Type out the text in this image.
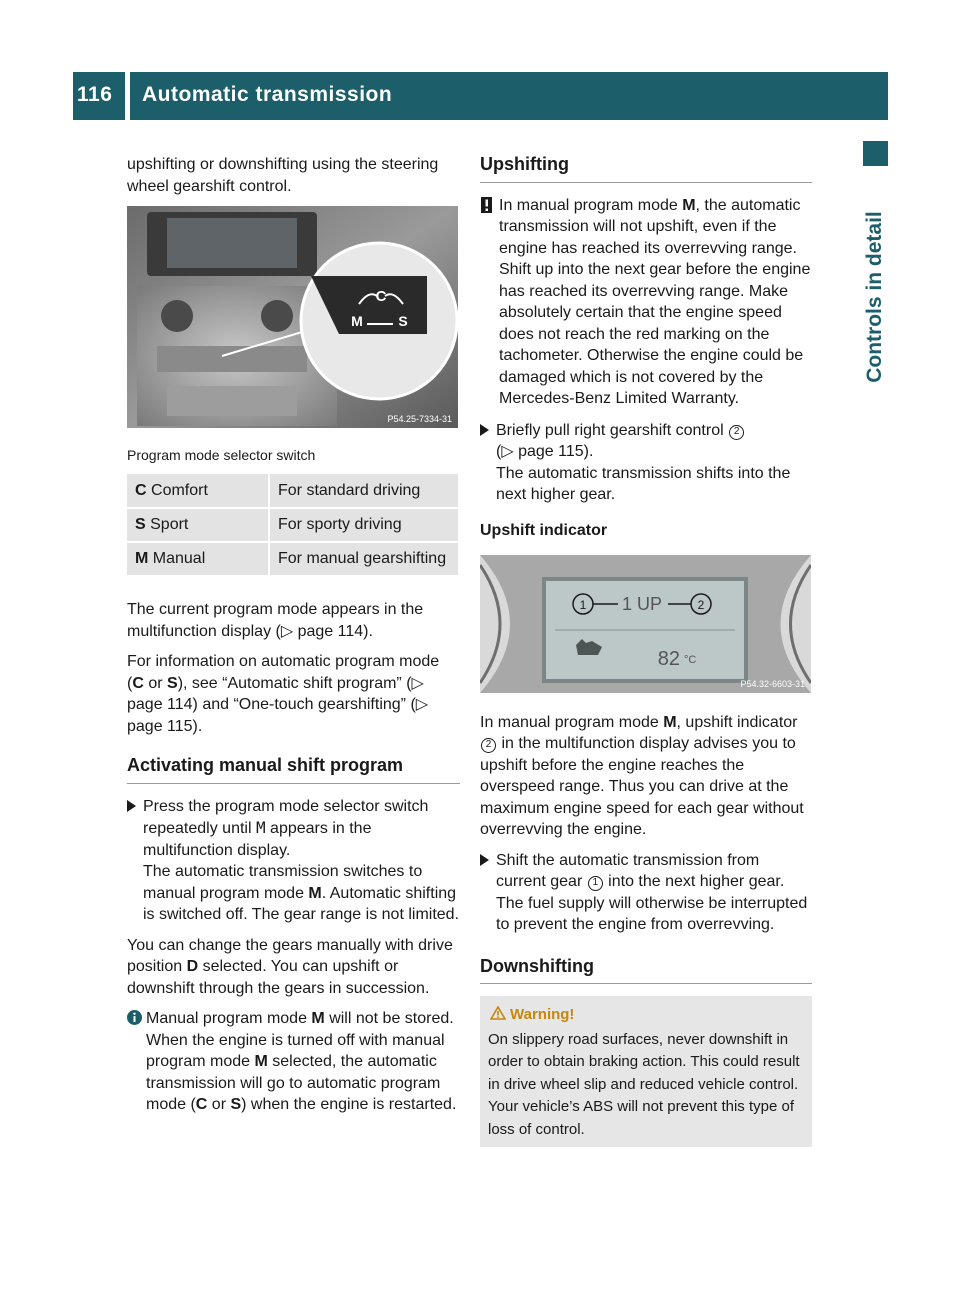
116 Automatic transmission
Controls in detail

upshifting or downshifting using the steering wheel gearshift control.

C
M	S
P54.25-7334-31
Program mode selector switch
C Comfort	For standard driving
S Sport	For sporty driving
M Manual	For manual gearshifting

The current program mode appears in the multifunction display (▷ page 114).

For information on automatic program mode (C or S), see “Automatic shift program” (▷ page 114) and “One-touch gearshifting” (▷ page 115).

Activating manual shift program
Press the program mode selector switch repeatedly until M appears in the multifunction display.
The automatic transmission switches to manual program mode M. Automatic shifting is switched off. The gear range is not limited.

You can change the gears manually with drive position D selected. You can upshift or downshift through the gears in succession.

Manual program mode M will not be stored. When the engine is turned off with manual program mode M selected, the automatic transmission will go to automatic program mode (C or S) when the engine is restarted.
Upshifting
In manual program mode M, the automatic transmission will not upshift, even if the engine has reached its overrevving range. Shift up into the next gear before the engine has reached its overrevving range. Make absolutely certain that the engine speed does not reach the red marking on the tachometer. Otherwise the engine could be damaged which is not covered by the Mercedes-Benz Limited Warranty.
Briefly pull right gearshift control 2
(▷ page 115).
The automatic transmission shifts into the next higher gear.
Upshift indicator
1 1 UP	2
82 °C
P54.32-6603-31

In manual program mode M, upshift indicator 2 in the multifunction display advises you to upshift before the engine reaches the overspeed range. Thus you can drive at the maximum engine speed for each gear without overrevving the engine.

Shift the automatic transmission from current gear 1 into the next higher gear.
The fuel supply will otherwise be interrupted to prevent the engine from overrevving.
Downshifting
Warning!
On slippery road surfaces, never downshift in order to obtain braking action. This could result in drive wheel slip and reduced vehicle control. Your vehicle’s ABS will not prevent this type of loss of control.
